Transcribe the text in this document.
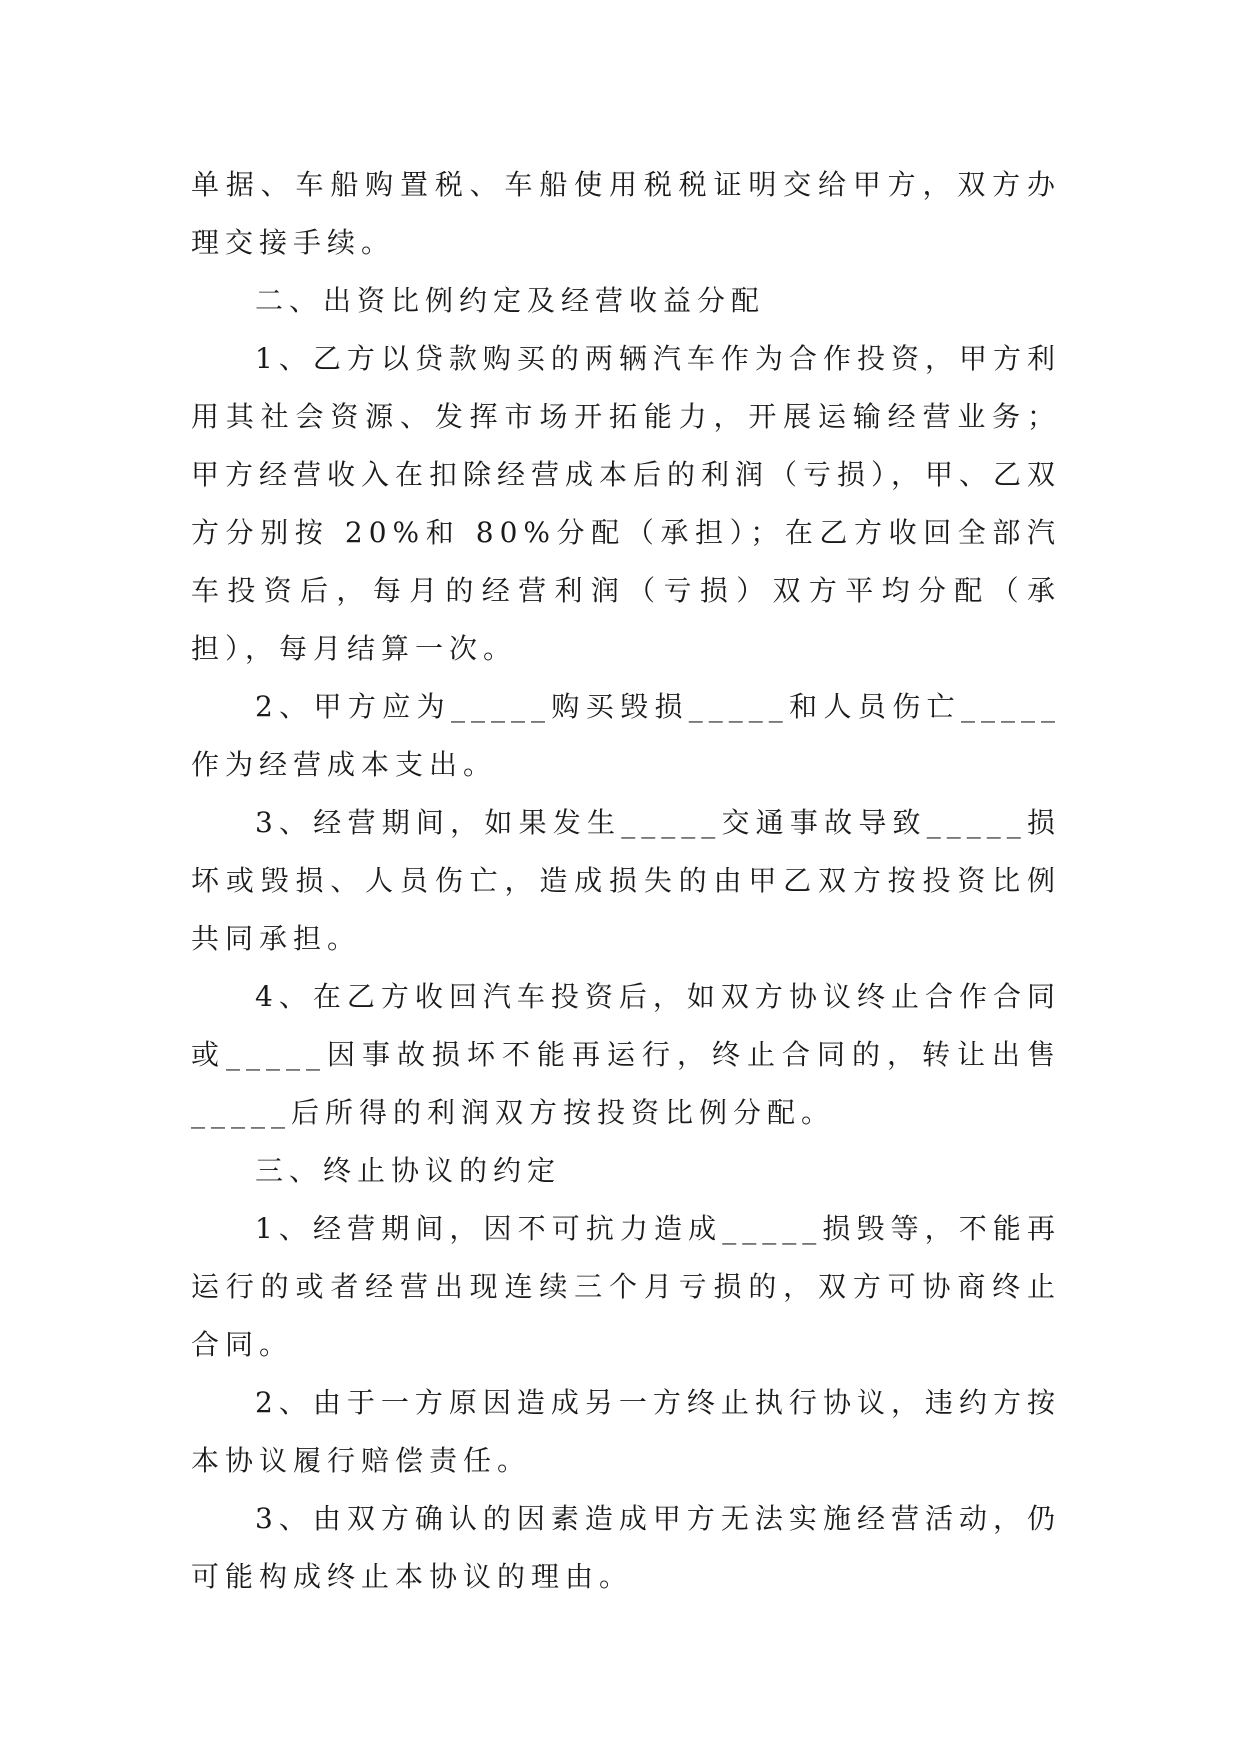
单据、车船购置税、车船使用税税证明交给甲方，双方办理交接手续。

二、出资比例约定及经营收益分配

1、乙方以贷款购买的两辆汽车作为合作投资，甲方利用其社会资源、发挥市场开拓能力，开展运输经营业务；甲方经营收入在扣除经营成本后的利润（亏损），甲、乙双方分别按 20%和 80%分配（承担）；在乙方收回全部汽车投资后，每月的经营利润（亏损）双方平均分配（承担），每月结算一次。

2、甲方应为_____购买毁损_____和人员伤亡_____作为经营成本支出。

3、经营期间，如果发生_____交通事故导致_____损坏或毁损、人员伤亡，造成损失的由甲乙双方按投资比例共同承担。

4、在乙方收回汽车投资后，如双方协议终止合作合同或_____因事故损坏不能再运行，终止合同的，转让出售_____后所得的利润双方按投资比例分配。

三、终止协议的约定

1、经营期间，因不可抗力造成_____损毁等，不能再运行的或者经营出现连续三个月亏损的，双方可协商终止合同。

2、由于一方原因造成另一方终止执行协议，违约方按本协议履行赔偿责任。

3、由双方确认的因素造成甲方无法实施经营活动，仍可能构成终止本协议的理由。
